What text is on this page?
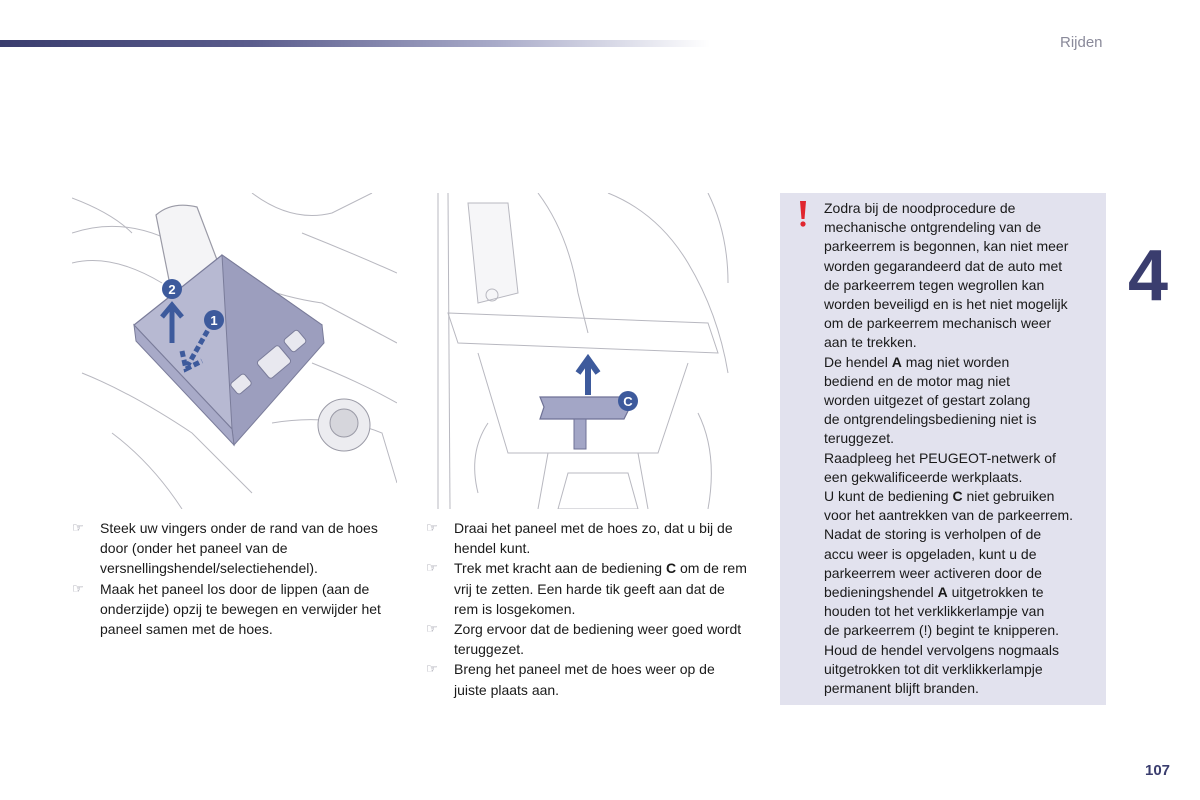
Rijden
4
2
1
C
☞ Steek uw vingers onder de rand van de hoes door (onder het paneel van de versnellingshendel/selectiehendel).
☞ Maak het paneel los door de lippen (aan de onderzijde) opzij te bewegen en verwijder het paneel samen met de hoes.
☞ Draai het paneel met de hoes zo, dat u bij de hendel kunt.
☞ Trek met kracht aan de bediening C om de rem vrij te zetten. Een harde tik geeft aan dat de rem is losgekomen.
☞ Zorg ervoor dat de bediening weer goed wordt teruggezet.
☞ Breng het paneel met de hoes weer op de juiste plaats aan.

Zodra bij de noodprocedure de
mechanische ontgrendeling van de
parkeerrem is begonnen, kan niet meer
worden gegarandeerd dat de auto met
de parkeerrem tegen wegrollen kan
worden beveiligd en is het niet mogelijk
om de parkeerrem mechanisch weer
aan te trekken.
De hendel A mag niet worden
bediend en de motor mag niet
worden uitgezet of gestart zolang
de ontgrendelingsbediening niet is
teruggezet.
Raadpleeg het PEUGEOT-netwerk of
een gekwalificeerde werkplaats.
U kunt de bediening C niet gebruiken
voor het aantrekken van de parkeerrem.
Nadat de storing is verholpen of de
accu weer is opgeladen, kunt u de
parkeerrem weer activeren door de
bedieningshendel A uitgetrokken te
houden tot het verklikkerlampje van
de parkeerrem (!) begint te knipperen.
Houd de hendel vervolgens nogmaals
uitgetrokken tot dit verklikkerlampje
permanent blijft branden.

107
